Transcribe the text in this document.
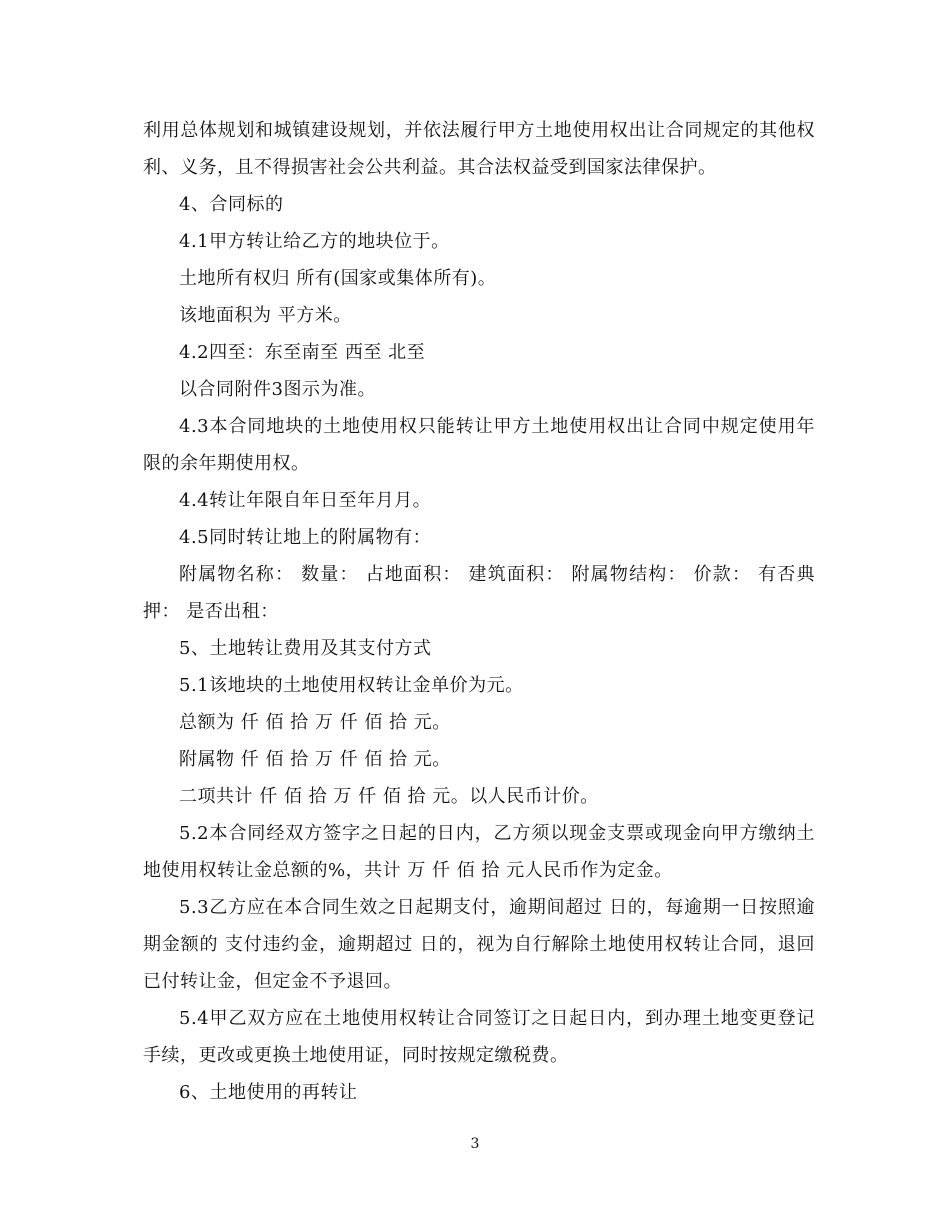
利用总体规划和城镇建设规划，并依法履行甲方土地使用权出让合同规定的其他权利、义务，且不得损害社会公共利益。其合法权益受到国家法律保护。

4、合同标的

4.1甲方转让给乙方的地块位于。

土地所有权归 所有(国家或集体所有)。

该地面积为 平方米。

4.2四至：东至南至 西至 北至

以合同附件3图示为准。

4.3本合同地块的土地使用权只能转让甲方土地使用权出让合同中规定使用年限的余年期使用权。

4.4转让年限自年日至年月月。

4.5同时转让地上的附属物有：

附属物名称： 数量： 占地面积： 建筑面积： 附属物结构： 价款： 有否典押： 是否出租：

5、土地转让费用及其支付方式

5.1该地块的土地使用权转让金单价为元。

总额为 仟 佰 拾 万 仟 佰 拾 元。

附属物 仟 佰 拾 万 仟 佰 拾 元。

二项共计 仟 佰 拾 万 仟 佰 拾 元。以人民币计价。

5.2本合同经双方签字之日起的日内，乙方须以现金支票或现金向甲方缴纳土地使用权转让金总额的%，共计 万 仟 佰 拾 元人民币作为定金。

5.3乙方应在本合同生效之日起期支付，逾期间超过 日的，每逾期一日按照逾期金额的 支付违约金，逾期超过 日的，视为自行解除土地使用权转让合同，退回已付转让金，但定金不予退回。

5.4甲乙双方应在土地使用权转让合同签订之日起日内，到办理土地变更登记手续，更改或更换土地使用证，同时按规定缴税费。

6、土地使用的再转让

3
